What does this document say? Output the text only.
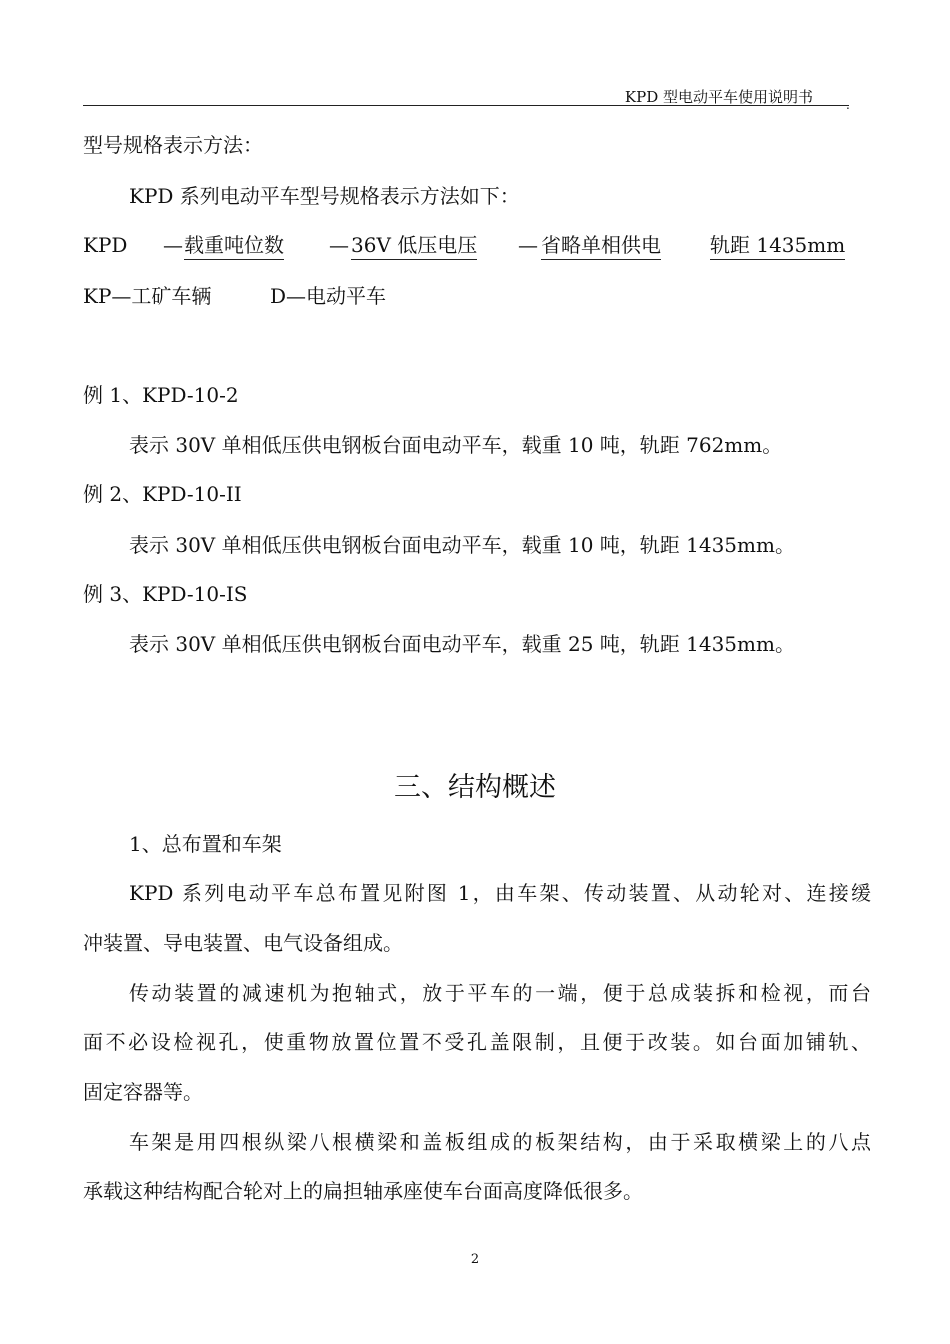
KPD 型电动平车使用说明书	.
型号规格表示方法：
KPD 系列电动平车型号规格表示方法如下：
KPD — 载重吨位数 — 36V 低压电压 — 省略单相供电 轨距 1435mm
KP—工矿车辆	D—电动平车
例 1、KPD-10-2
表示 30V 单相低压供电钢板台面电动平车，载重 10 吨，轨距 762mm。
例 2、KPD-10-II
表示 30V 单相低压供电钢板台面电动平车，载重 10 吨，轨距 1435mm。
例 3、KPD-10-IS
表示 30V 单相低压供电钢板台面电动平车，载重 25 吨，轨距 1435mm。
三、结构概述
1、总布置和车架
KPD 系列电动平车总布置见附图 1，由车架、传动装置、从动轮对、连接缓
冲装置、导电装置、电气设备组成。
传动装置的减速机为抱轴式，放于平车的一端，便于总成装拆和检视，而台
面不必设检视孔，使重物放置位置不受孔盖限制，且便于改装。如台面加铺轨、
固定容器等。
车架是用四根纵梁八根横梁和盖板组成的板架结构，由于采取横梁上的八点
承载这种结构配合轮对上的扁担轴承座使车台面高度降低很多。
2
